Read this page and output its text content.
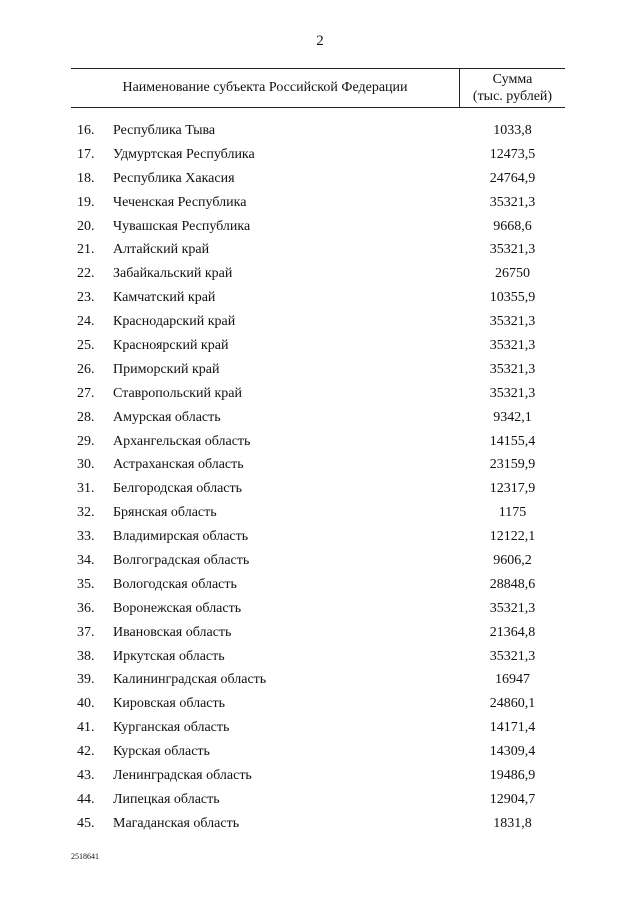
2
Наименование субъекта Российской Федерации
Сумма
(тыс. рублей)
16.	Республика Тыва	1033,8
17.	Удмуртская Республика	12473,5
18.	Республика Хакасия	24764,9
19.	Чеченская Республика	35321,3
20.	Чувашская Республика	9668,6
21.	Алтайский край	35321,3
22.	Забайкальский край	26750
23.	Камчатский край	10355,9
24.	Краснодарский край	35321,3
25.	Красноярский край	35321,3
26.	Приморский край	35321,3
27.	Ставропольский край	35321,3
28.	Амурская область	9342,1
29.	Архангельская область	14155,4
30.	Астраханская область	23159,9
31.	Белгородская область	12317,9
32.	Брянская область	1175
33.	Владимирская область	12122,1
34.	Волгоградская область	9606,2
35.	Вологодская область	28848,6
36.	Воронежская область	35321,3
37.	Ивановская область	21364,8
38.	Иркутская область	35321,3
39.	Калининградская область	16947
40.	Кировская область	24860,1
41.	Курганская область	14171,4
42.	Курская область	14309,4
43.	Ленинградская область	19486,9
44.	Липецкая область	12904,7
45.	Магаданская область	1831,8
2518641
